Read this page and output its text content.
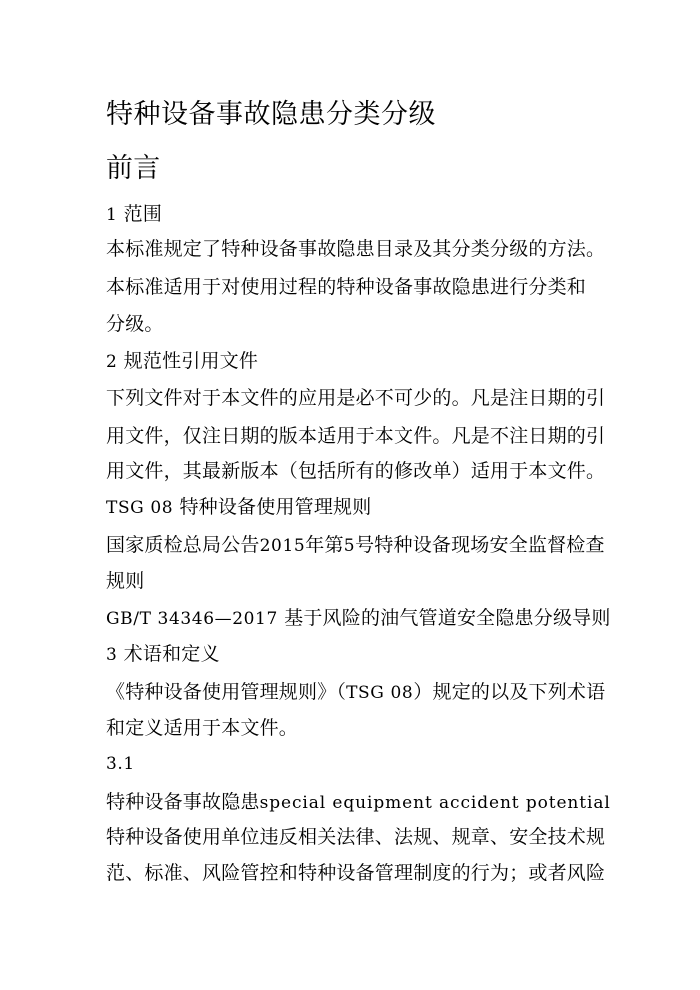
特种设备事故隐患分类分级
前言
1 范围
本标准规定了特种设备事故隐患目录及其分类分级的方法。
本标准适用于对使用过程的特种设备事故隐患进行分类和
分级。
2 规范性引用文件
下列文件对于本文件的应用是必不可少的。凡是注日期的引
用文件，仅注日期的版本适用于本文件。凡是不注日期的引
用文件，其最新版本（包括所有的修改单）适用于本文件。
TSG 08 特种设备使用管理规则
国家质检总局公告2015年第5号特种设备现场安全监督检查
规则
GB/T 34346—2017 基于风险的油气管道安全隐患分级导则
3 术语和定义
《特种设备使用管理规则》（TSG 08）规定的以及下列术语
和定义适用于本文件。
3.1
特种设备事故隐患special equipment accident potential
特种设备使用单位违反相关法律、法规、规章、安全技术规
范、标准、风险管控和特种设备管理制度的行为；或者风险
